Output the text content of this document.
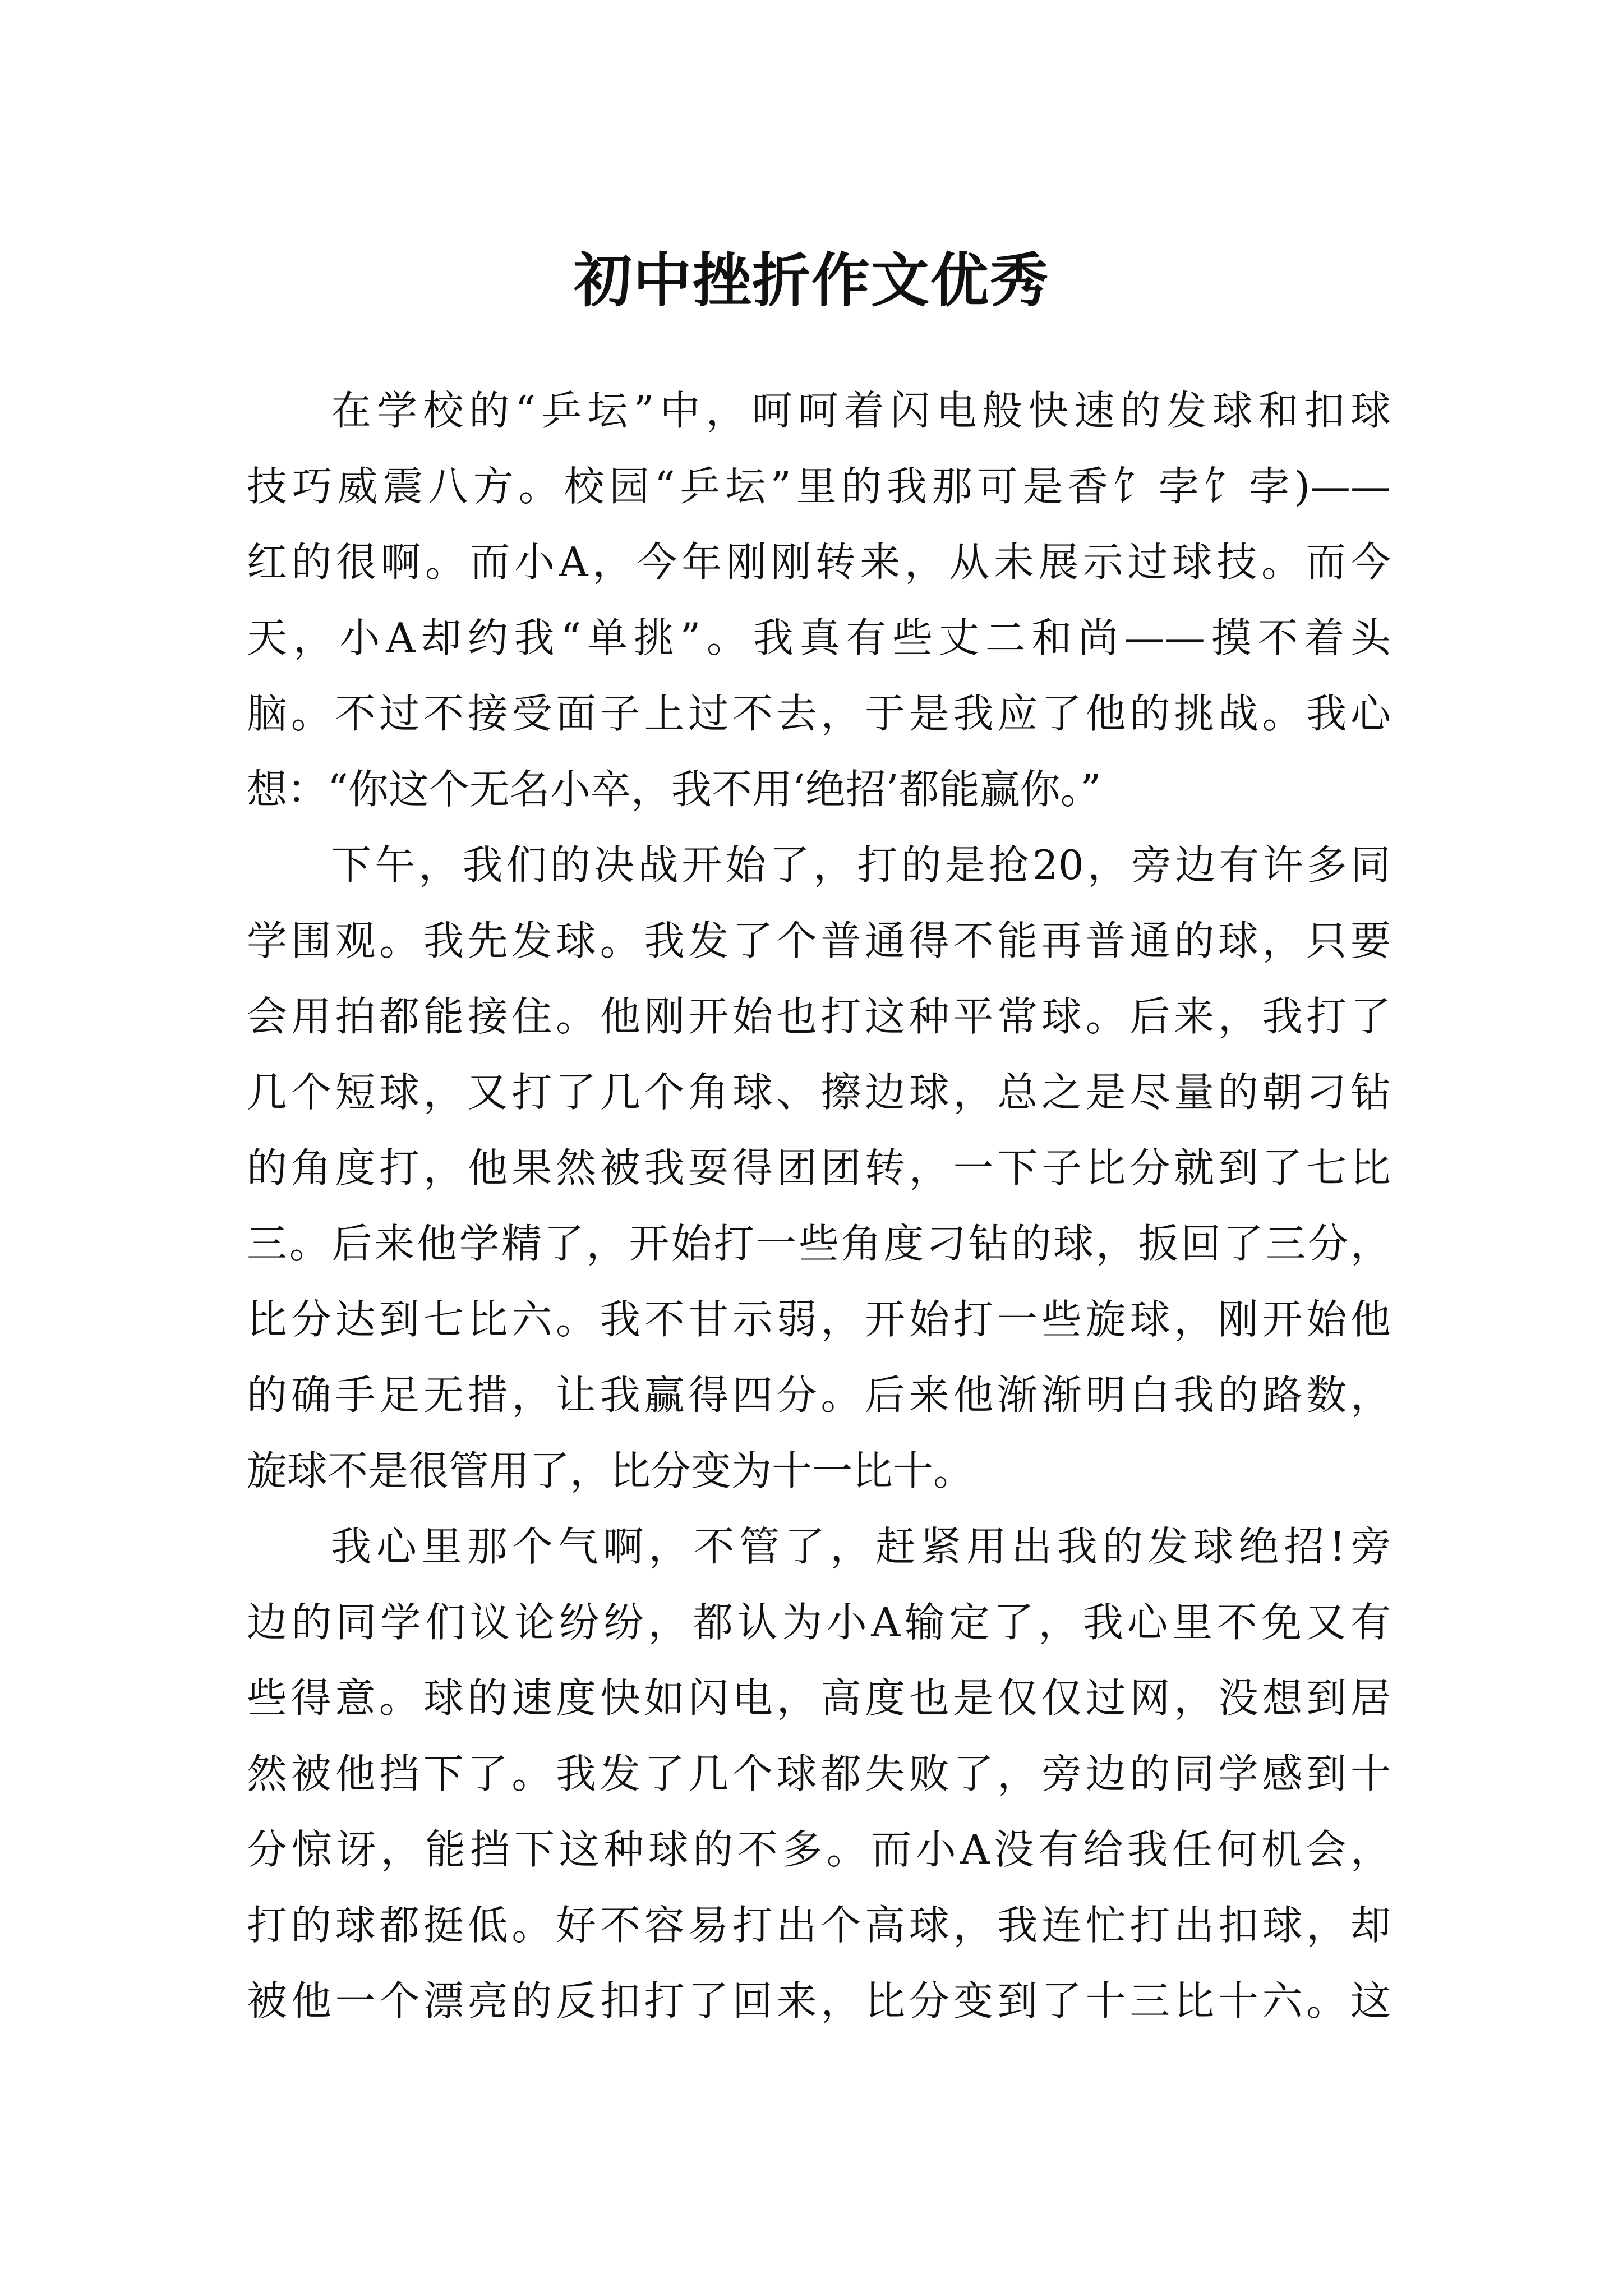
初中挫折作文优秀

在学校的“乒坛”中，呵呵着闪电般快速的发球和扣球
技巧威震八方。校园“乒坛”里的我那可是香饣孛饣孛)——
红的很啊。而小A，今年刚刚转来，从未展示过球技。而今
天，小A却约我“单挑”。我真有些丈二和尚——摸不着头
脑。不过不接受面子上过不去，于是我应了他的挑战。我心
想：“你这个无名小卒，我不用‘绝招’都能赢你。”

下午，我们的决战开始了，打的是抢20，旁边有许多同
学围观。我先发球。我发了个普通得不能再普通的球，只要
会用拍都能接住。他刚开始也打这种平常球。后来，我打了
几个短球，又打了几个角球、擦边球，总之是尽量的朝刁钻
的角度打，他果然被我耍得团团转，一下子比分就到了七比
三。后来他学精了，开始打一些角度刁钻的球，扳回了三分，
比分达到七比六。我不甘示弱，开始打一些旋球，刚开始他
的确手足无措，让我赢得四分。后来他渐渐明白我的路数，
旋球不是很管用了，比分变为十一比十。

我心里那个气啊，不管了，赶紧用出我的发球绝招!旁
边的同学们议论纷纷，都认为小A输定了，我心里不免又有
些得意。球的速度快如闪电，高度也是仅仅过网，没想到居
然被他挡下了。我发了几个球都失败了，旁边的同学感到十
分惊讶，能挡下这种球的不多。而小A没有给我任何机会，
打的球都挺低。好不容易打出个高球，我连忙打出扣球，却
被他一个漂亮的反扣打了回来，比分变到了十三比十六。这
